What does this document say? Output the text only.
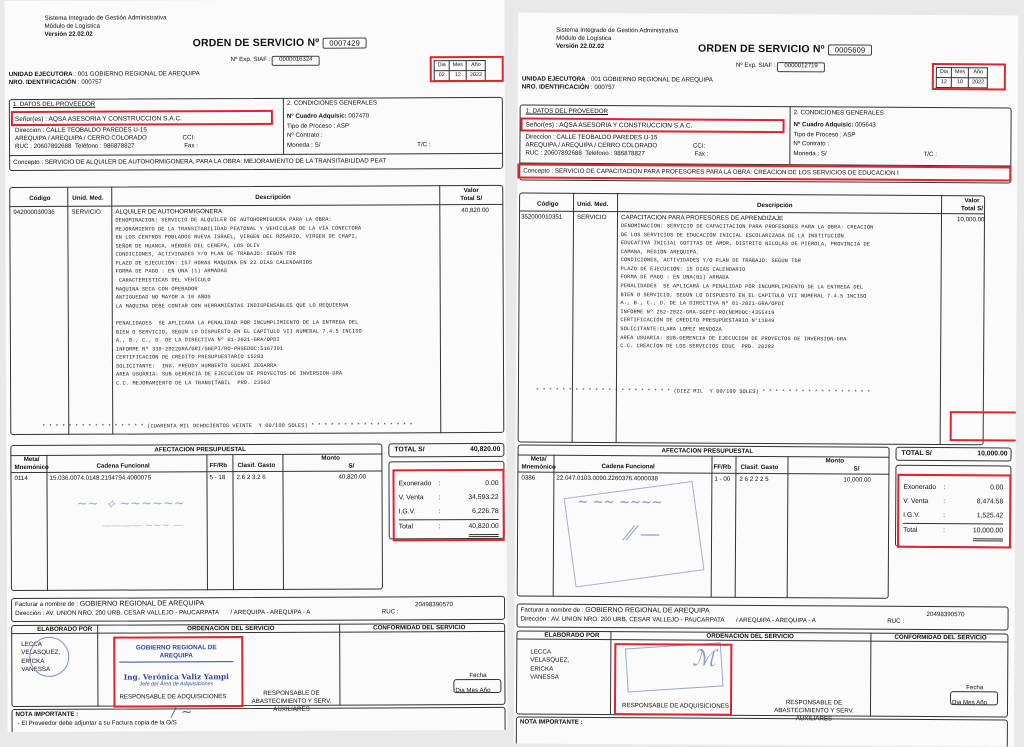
Sistema Integrado de Gestión Administrativa
Módulo de Logística
Versión 22.02.02
ORDEN DE SERVICIO Nº 0007429
Nº Exp. SIAF : 0000016324
Dia	Mes	Año
02	12	2022
UNIDAD EJECUTORA : 001 GOBIERNO REGIONAL DE AREQUIPA
NRO. IDENTIFICACIÓN : 000757
1. DATOS DEL PROVEEDOR	2. CONDICIONES GENERALES
Señor(es) : AQSA ASESORIA Y CONSTRUCCION S.A.C.
Direccion : CALLE TEOBALDO PAREDES U-15
AREQUIPA / AREQUIPA / CERRO COLORADO	CCI:
RUC : 20607892688 Teléfono : 986878827	Fax :
Nº Cuadro Adquisic: 007470
Tipo de Proceso : ASP
Nº Contrato :
Moneda : S/	T/C :
Concepto : SERVICIO DE ALQUILER DE AUTOHORMIGONERA, PARA LA OBRA: MEJORAMIENTO DE LA TRANSITABILIDAD PEAT
Código	Unid. Med.	Descripción
Valor
Total S/
942000030036	SERVICIO ALQUILER DE AUTOHORMIGONERA	40,820.00
DENOMINACION: SERVICIO DE ALQUILER DE AUTOHORMIGUERA PARA LA OBRA:
MEJORAMIENTO DE LA TRANSITABILIDAD PEATONAL Y VEHICULAR DE LA VÍA CONECTORA
EN LOS CENTROS POBLADOS NUEVA ISRAEL, VIRGEN DEL ROSARIO, VIRGEN DE CHAPI,
SEÑOR DE HUANCA, HÉROES DEL CENEPA, LOS OLIV
CONDICIONES, ACTIVIDADES Y/O PLAN DE TRABAJO: SEGÚN TDR
PLAZO DE EJECUCIÓN: 157 HORAS MAQUINA EN 22 DIAS CALENDARIOS
FORMA DE PAGO : EN UNA (1) ARMADAS
CARACTERISTICAS DEL VEHICULO
MAQUINA SECA CON OPERADOR
ANTIGUEDAD NO MAYOR A 10 AÑOS
LA MAQUINA DEBE CONTAR CON HERRAMIENTAS INDISPENSABLES QUE LO REQUIERAN

PENALIDADES  SE APLICARÁ LA PENALIDAD POR INCUMPLIMIENTO DE LA ENTREGA DEL
BIEN O SERVICIO, SEGÚN LO DISPUESTO EN EL CAPÍTULO VII NUMERAL 7.4.5 INCISO
A., B., C., D. DE LA DIRECTIVA Nº 01-2021-GRA/OPDI
INFORME Nº 339-2022GRA/GRI/SGEPI/RO-PHSEDOC:5167391
CERTIFICACIÓN DE CREDITO PRESUPUESTARIO 15283
SOLICITANTE:  ING. FREDDY HUMBERTO SUCARI ZEGARRA
AREA USUARIA: SUB GERENCIA DE EJECUCION DE PROYECTOS DE INVERSION-GRA
C.C. MEJORAMIENTO DE LA TRANSITABIL  PRD. 23593
* * * * * * * * * * * * * * * * (CUARENTA MIL OCHOCIENTOS VEINTE  Y 00/100 SOLES) * * * * * * * * * * * * * * * *
AFECTACION PRESUPUESTAL
Meta/
Mnemónico	Cadena Funcional	FF/Rb Clasif. Gasto
Monto
S/
0114	15.036.0074.0148.2194794.4000075	5 - 18 2.6 2 3.2 6	40,820.00
~~  ⟡ ~~~~~~
———— ~~~ —
TOTAL S/	40,820.00
Exonerado :	0.00
V. Venta :	34,593.22
I.G.V.	:	6,226.78
Total	:	40,820.00
Facturar a nombre de : GOBIERNO REGIONAL DE AREQUIPA
Dirección : AV. UNION NRO. 200 URB. CESAR VALLEJO - PAUCARPATA / AREQUIPA - AREQUIPA - A	RUC :
20498390570
ELABORADO POR	ORDENACION DEL SERVICIO	CONFORMIDAD DEL SERVICIO
LECCA
VELASQUEZ,
ERICKA
VANESSA
GOBIERNO REGIONAL DE AREQUIPA
Ing. Verónica Valiz Yampi
Jefe del Área de Adquisiciones
RESPONSABLE DE ADQUISICIONES	RESPONSABLE DE ABASTECIMIENTO Y SERV. AUXILIARES
Fecha
Dia Mes Año
/ ~
NOTA IMPORTANTE :
- El Proveedor debe adjuntar a su Factura copia de la O/S
Sistema Integrado de Gestión Administrativa
Módulo de Logística
Versión 22.02.02	ORDEN DE SERVICIO Nº 0005609
Nº Exp. SIAF : 0000012719
Dia	Mes	Año
12	10	2022
UNIDAD EJECUTORA : 001 GOBIERNO REGIONAL DE AREQUIPA
NRO. IDENTIFICACIÓN : 000757
1. DATOS DEL PROVEEDOR	2. CONDICIONES GENERALES
Señor(es) : AQSA ASESORIA Y CONSTRUCCION S.A.C.
Direccion : CALLE TEOBALDO PAREDES U-15
AREQUIPA / AREQUIPA / CERRO COLORADO	CCI:
RUC : 20607892688 Teléfono : 986878827	Fax :
Nº Cuadro Adquisic: 005643
Tipo de Proceso : ASP
Nº Contrato :
Moneda : S/	T/C :
Concepto : SERVICIO DE CAPACITACION PARA PROFESORES PARA LA OBRA: CREACION DE LOS SERVICIOS DE EDUCACION I
Código	Unid. Med.	Descripción
Valor
Total S/
352000010351 SERVICIO CAPACITACION PARA PROFESORES DE APRENDIZAJE	10,000.00
DENOMINACION: SERVICIO DE CAPACITACION PARA PROFESORES PARA LA OBRA: CREACIÓN
DE LOS SERVICIOS DE EDUCACIÓN INICIAL ESCOLARIZADA DE LA INSTITUCIÓN
EDUCATIVA INICIAL GOTITAS DE AMOR, DISTRITO NICOLÁS DE PIÉROLA, PROVINCIA DE
CAMANA, REGIÓN AREQUIPA.
CONDICIONES, ACTIVIDADES Y/O PLAN DE TRABAJO: SEGÚN TDR
PLAZO DE EJECUCIÓN: 15 DIAS CALENDARIO
FORMA DE PAGO : EN UNA(01) ARMADA
PENALIDADES  SE APLICARÁ LA PENALIDAD POR INCUMPLIMIENTO DE LA ENTREGA DEL
BIEN O SERVICIO, SEGÚN LO DISPUESTO EN EL CAPÍTULO VII NUMERAL 7.4.5 INCISO
A., B., C., D. DE LA DIRECTIVA Nº 01-2021-GRA/OPDI
INFORME Nº 252-2022-GRA-SGEPI-RO(NEMDOC:4355419
CERTIFICACIÓN DE CREDITO PRESUPUESTARIO N°11849
SOLICITANTE:CLARA LOPEZ MENDOZA
AREA USUARIA: SUB-GERENCIA DE EJECUCION DE PROYECTOS DE INVERSION-GRA
C.C. CREACION DE LOS SERVICIOS EDUC  PRD. 20282
* * * * * * * * * * * * * * * * * * * * * (DIEZ MIL  Y 00/100 SOLES) * * * * * * * * * * * * * * * * *
AFECTACION PRESUPUESTAL
Meta/
Mnemónico	Cadena Funcional	FF/Rb Clasif. Gasto
Monto
S/
0386	22.047.0103.0090.2260376.4000038	1 - 00 2 6 2 2 2 5	10,000.00
~ ~~ ~~~~
⁄⁄ —
TOTAL S/	10,000.00
Exonerado :	0.00
V. Venta :	8,474.58
I.G.V.	:	1,525.42
Total	:	10,000.00
Facturar a nombre de : GOBIERNO REGIONAL DE AREQUIPA
Dirección : AV. UNION NRO. 200 URB. CESAR VALLEJO - PAUCARPATA / AREQUIPA - AREQUIPA - A	RUC :
20498390570
ELABORADO POR	ORDENACION DEL SERVICIO	CONFORMIDAD DEL SERVICIO
LECCA
VELASQUEZ,
ERICKA
VANESSA
ℳ
RESPONSABLE DE ADQUISICIONES	RESPONSABLE DE ABASTECIMIENTO Y SERV. AUXILIARES
Fecha
Dia Mes Año
NOTA IMPORTANTE :
